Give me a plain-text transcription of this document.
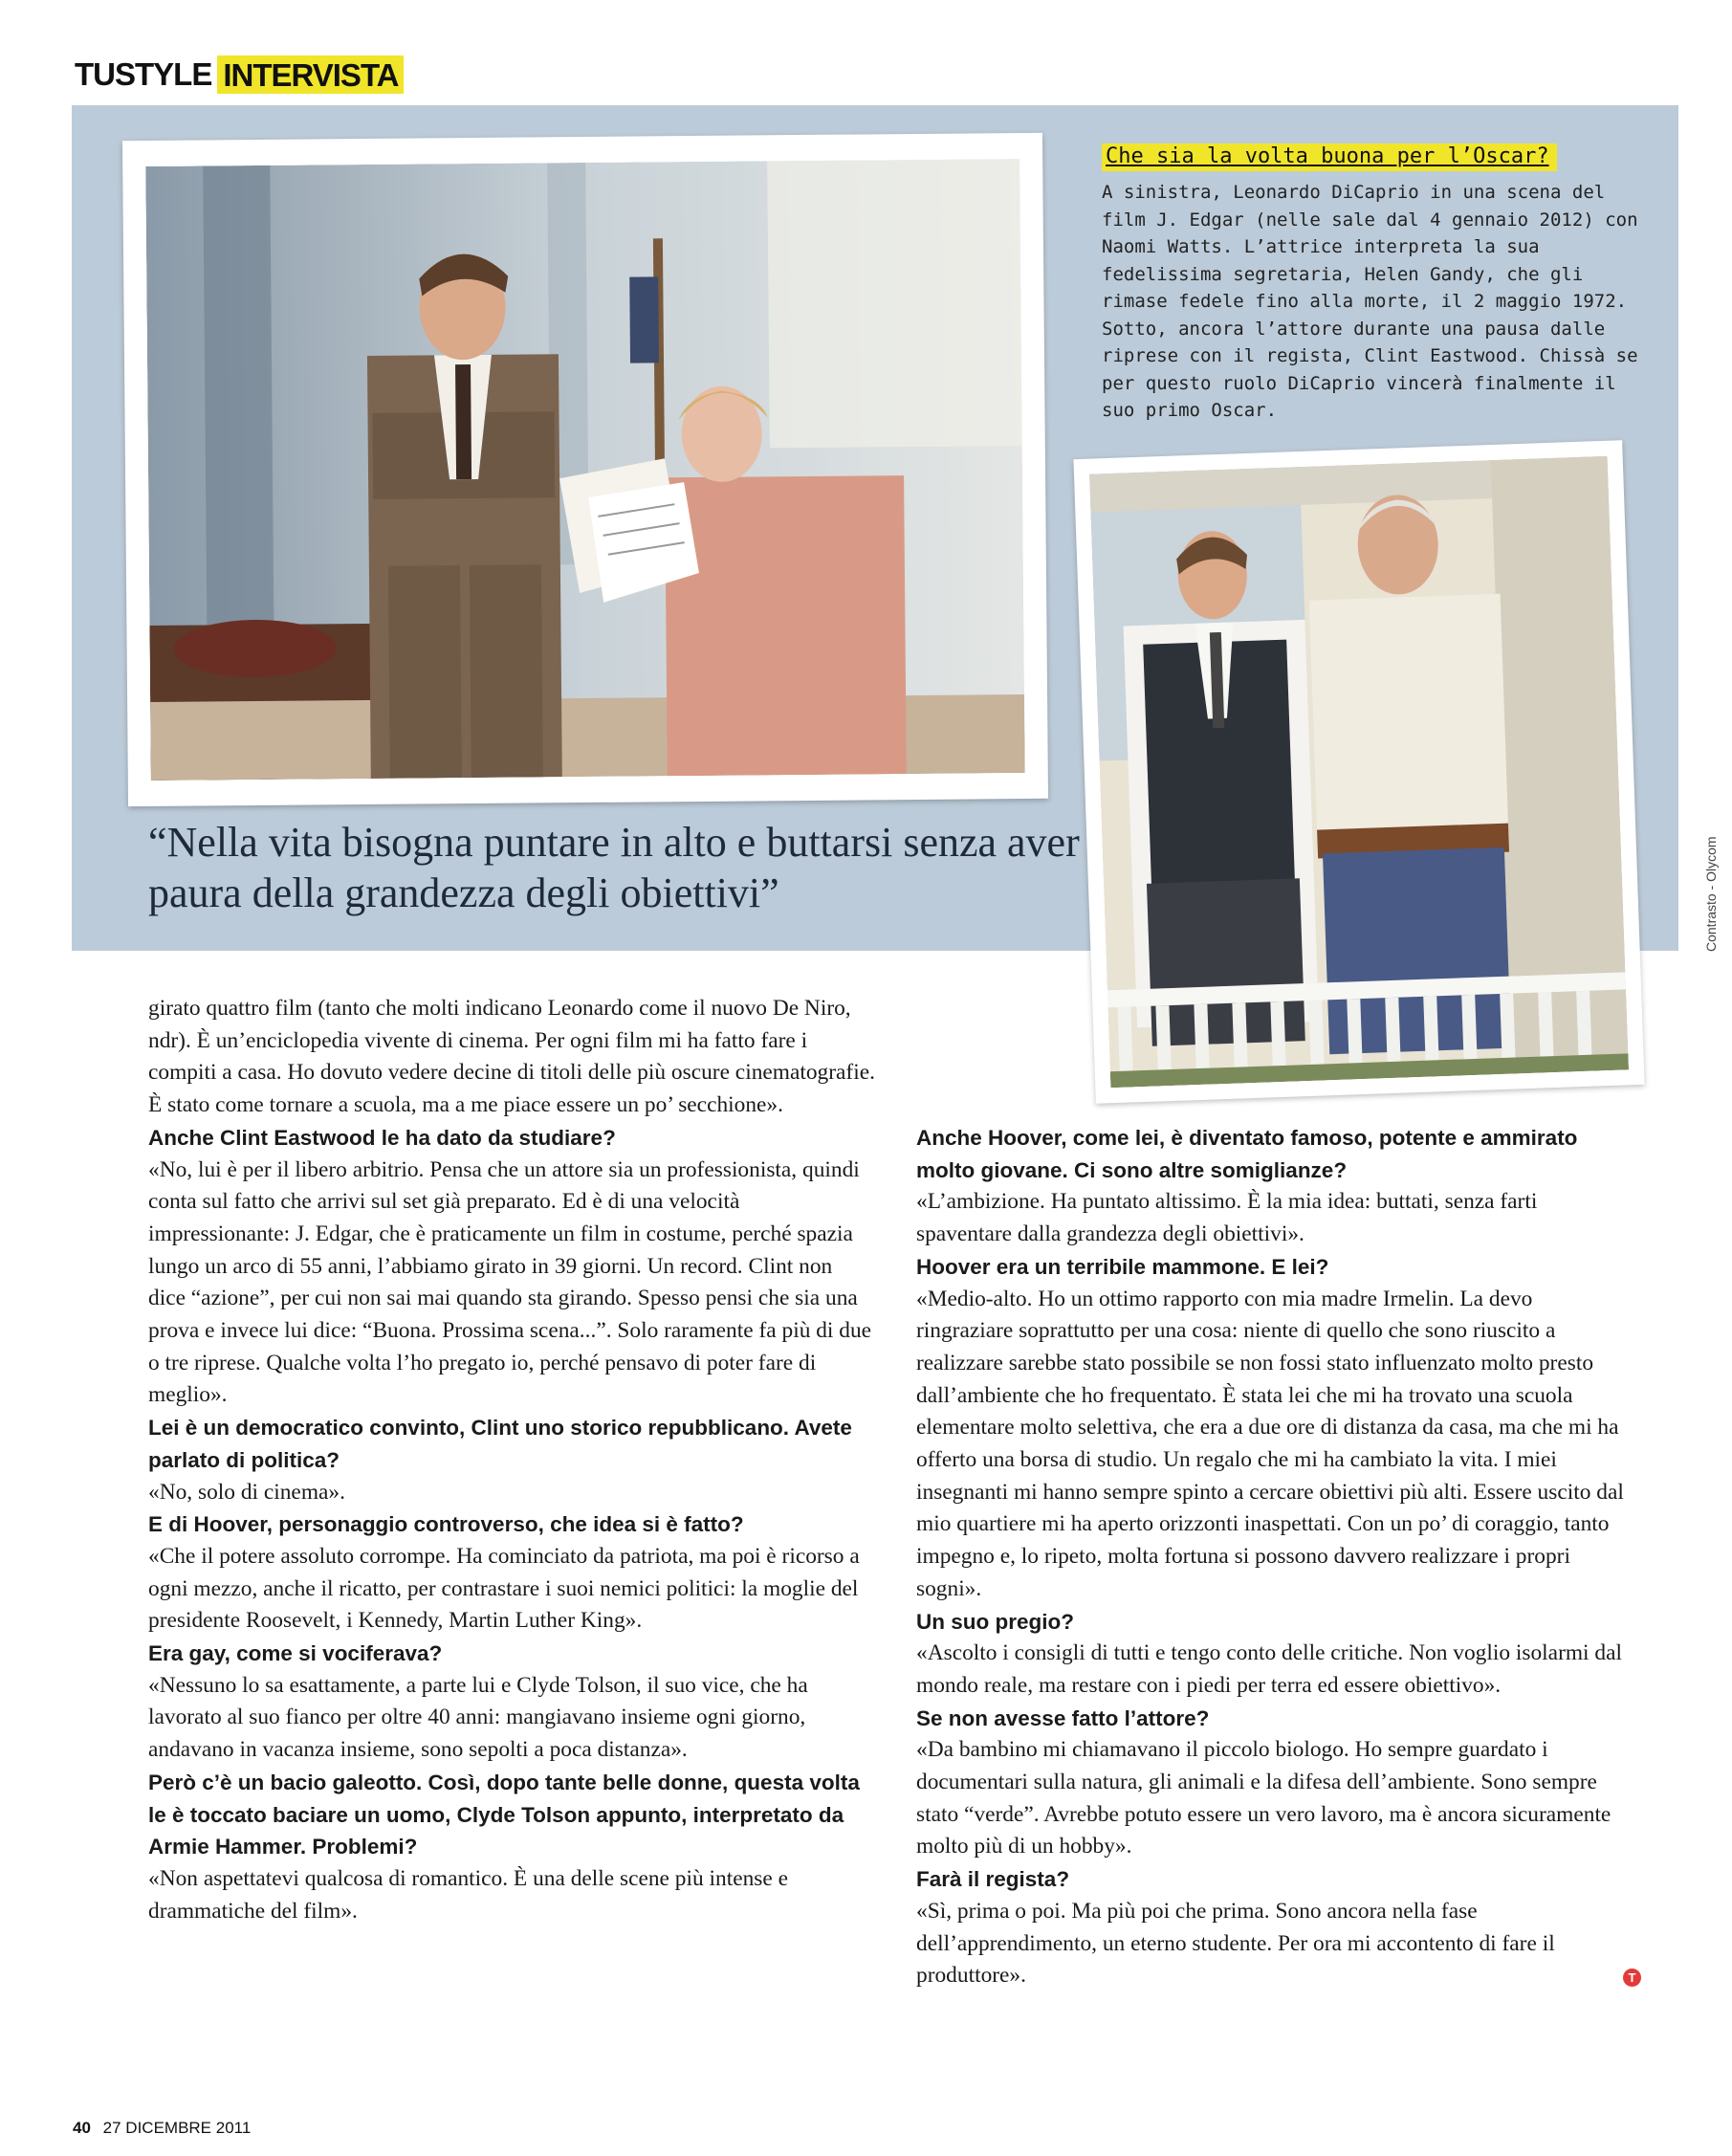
TUSTYLE INTERVISTA
Che sia la volta buona per l’Oscar?

A sinistra, Leonardo DiCaprio in una scena del film J. Edgar (nelle sale dal 4 gennaio 2012) con Naomi Watts. L’attrice interpreta la sua fedelissima segretaria, Helen Gandy, che gli rimase fedele fino alla morte, il 2 maggio 1972. Sotto, ancora l’attore durante una pausa dalle riprese con il regista, Clint Eastwood. Chissà se per questo ruolo DiCaprio vincerà finalmente il suo primo Oscar.

“Nella vita bisogna puntare in alto e buttarsi senza aver paura della grandezza degli obiettivi”	Contrasto - Olycom

girato quattro film (tanto che molti indicano Leonardo come il nuovo De Niro, ndr). È un’enciclopedia vivente di cinema. Per ogni film mi ha fatto fare i compiti a casa. Ho dovuto vedere decine di titoli delle più oscure cinematografie. È stato come tornare a scuola, ma a me piace essere un po’ secchione».

Anche Clint Eastwood le ha dato da studiare?

«No, lui è per il libero arbitrio. Pensa che un attore sia un professionista, quindi conta sul fatto che arrivi sul set già preparato. Ed è di una velocità impressionante: J. Edgar, che è praticamente un film in costume, perché spazia lungo un arco di 55 anni, l’abbiamo girato in 39 giorni. Un record. Clint non dice “azione”, per cui non sai mai quando sta girando. Spesso pensi che sia una prova e invece lui dice: “Buona. Prossima scena...”. Solo raramente fa più di due o tre riprese. Qualche volta l’ho pregato io, perché pensavo di poter fare di meglio».

Lei è un democratico convinto, Clint uno storico repubblicano. Avete parlato di politica?

«No, solo di cinema».

E di Hoover, personaggio controverso, che idea si è fatto?

«Che il potere assoluto corrompe. Ha cominciato da patriota, ma poi è ricorso a ogni mezzo, anche il ricatto, per contrastare i suoi nemici politici: la moglie del presidente Roosevelt, i Kennedy, Martin Luther King».

Era gay, come si vociferava?

«Nessuno lo sa esattamente, a parte lui e Clyde Tolson, il suo vice, che ha lavorato al suo fianco per oltre 40 anni: mangiavano insieme ogni giorno, andavano in vacanza insieme, sono sepolti a poca distanza».

Però c’è un bacio galeotto. Così, dopo tante belle donne, questa volta le è toccato baciare un uomo, Clyde Tolson appunto, interpretato da Armie Hammer. Problemi?

«Non aspettatevi qualcosa di romantico. È una delle scene più intense e drammatiche del film».

Anche Hoover, come lei, è diventato famoso, potente e ammirato molto giovane. Ci sono altre somiglianze?

«L’ambizione. Ha puntato altissimo. È la mia idea: buttati, senza farti spaventare dalla grandezza degli obiettivi».

Hoover era un terribile mammone. E lei?

«Medio-alto. Ho un ottimo rapporto con mia madre Irmelin. La devo ringraziare soprattutto per una cosa: niente di quello che sono riuscito a realizzare sarebbe stato possibile se non fossi stato influenzato molto presto dall’ambiente che ho frequentato. È stata lei che mi ha trovato una scuola elementare molto selettiva, che era a due ore di distanza da casa, ma che mi ha offerto una borsa di studio. Un regalo che mi ha cambiato la vita. I miei insegnanti mi hanno sempre spinto a cercare obiettivi più alti. Essere uscito dal mio quartiere mi ha aperto orizzonti inaspettati. Con un po’ di coraggio, tanto impegno e, lo ripeto, molta fortuna si possono davvero realizzare i propri sogni».

Un suo pregio?

«Ascolto i consigli di tutti e tengo conto delle critiche. Non voglio isolarmi dal mondo reale, ma restare con i piedi per terra ed essere obiettivo».

Se non avesse fatto l’attore?

«Da bambino mi chiamavano il piccolo biologo. Ho sempre guardato i documentari sulla natura, gli animali e la difesa dell’ambiente. Sono sempre stato “verde”. Avrebbe potuto essere un vero lavoro, ma è ancora sicuramente molto più di un hobby».

Farà il regista?

«Sì, prima o poi. Ma più poi che prima. Sono ancora nella fase dell’apprendimento, un eterno studente. Per ora mi accontento di fare il produttore».	T
40 27 DICEMBRE 2011
